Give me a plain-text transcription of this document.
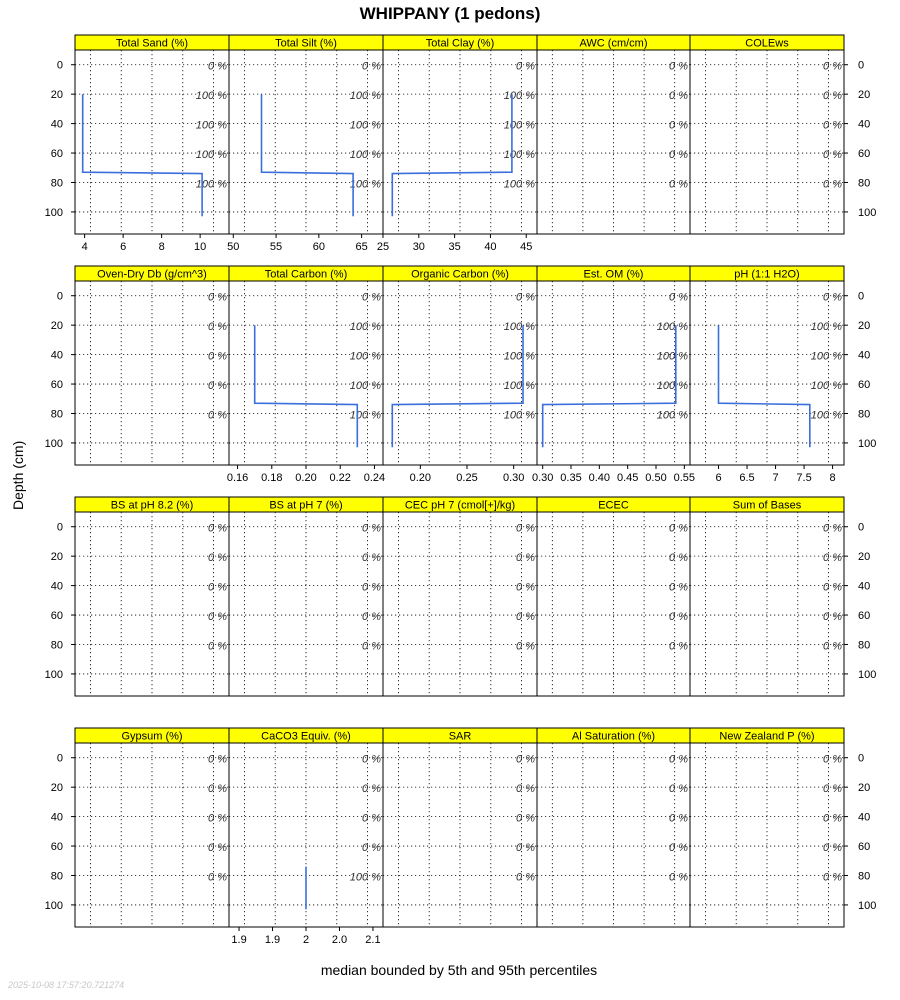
WHIPPANY (1 pedons)
Total Sand (%)
0 %
100 %
100 %
100 %
100 %
4	6	8	10
0
20
40
60
80
100
Total Silt (%)
0 %
100 %
100 %
100 %
100 %
50	55	60	65
Total Clay (%)
0 %
100 %
100 %
100 %
100 %
25 30 35 40 45
AWC (cm/cm)
0 %
0 %
0 %
0 %
0 %
COLEws
0 %
0 %
0 %
0 %
0 %
0
20
40
60
80
100
Oven-Dry Db (g/cm^3)
0 %
0 %
0 %
0 %
0 %
0
20
40
60
80
100
Total Carbon (%)
0 %
100 %
100 %
100 %
100 %
0.16 0.18 0.20 0.22 0.24
Organic Carbon (%)
0 %
100 %
100 %
100 %
100 %
0.20 0.25 0.30
Est. OM (%)
0 %
100 %
100 %
100 %
100 %
0.30 0.35 0.40 0.45 0.50 0.55
pH (1:1 H2O)
0 %
100 %
100 %
100 %
100 %
6 6.5 7 7.5 8
0
20
40
60
80
100
BS at pH 8.2 (%)
0 %
0 %
0 %
0 %
0 %
0
20
40
60
80
100
BS at pH 7 (%)
0 %
0 %
0 %
0 %
0 %
CEC pH 7 (cmol[+]/kg)
0 %
0 %
0 %
0 %
0 %
ECEC
0 %
0 %
0 %
0 %
0 %
Sum of Bases
0 %
0 %
0 %
0 %
0 %
0
20
40
60
80
100
Gypsum (%)
0 %
0 %
0 %
0 %
0 %
0
20
40
60
80
100
CaCO3 Equiv. (%)
0 %
0 %
0 %
0 %
100 %
1.9 1.9 2 2.0 2.1
SAR
0 %
0 %
0 %
0 %
0 %
Al Saturation (%)
0 %
0 %
0 %
0 %
0 %
New Zealand P (%)
0 %
0 %
0 %
0 %
0 %
0
20
40
60
80
100
Depth (cm)
median bounded by 5th and 95th percentiles
2025-10-08 17:57:20.721274
